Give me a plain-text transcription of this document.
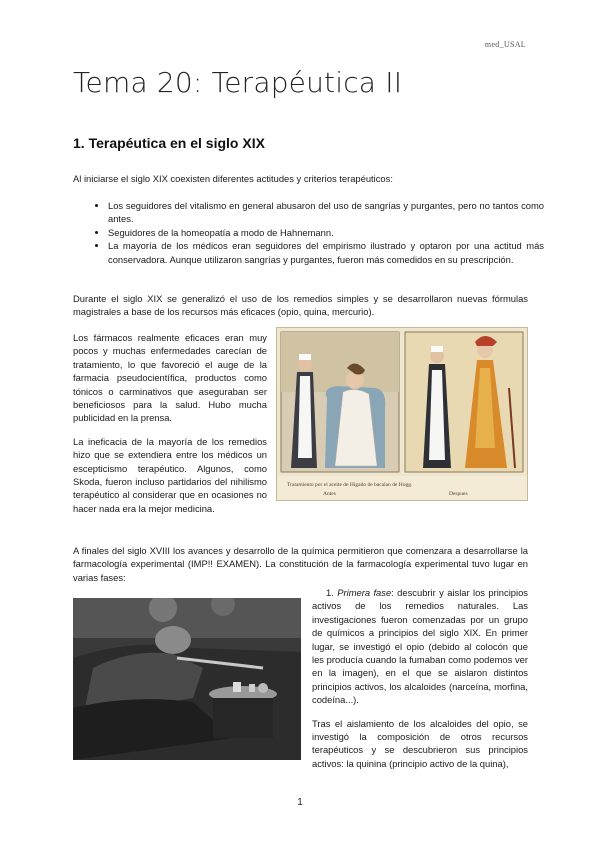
med_USAL
Tema 20: Terapéutica II
1. Terapéutica en el siglo XIX

Al iniciarse el siglo XIX coexisten diferentes actitudes y criterios terapéuticos:

• Los seguidores del vitalismo en general abusaron del uso de sangrías y purgantes, pero no tantos como antes.
• Seguidores de la homeopatía a modo de Hahnemann.
• La mayoría de los médicos eran seguidores del empirismo ilustrado y optaron por una actitud más conservadora. Aunque utilizaron sangrías y purgantes, fueron más comedidos en su prescripción.

Durante el siglo XIX se generalizó el uso de los remedios simples y se desarrollaron nuevas fórmulas magistrales a base de los recursos más eficaces (opio, quina, mercurio).

Los fármacos realmente eficaces eran muy pocos y muchas enfermedades carecían de tratamiento, lo que favoreció el auge de la farmacia pseudocientífica, productos como tónicos o carminativos que aseguraban ser beneficiosos para la salud. Hubo mucha publicidad en la prensa.

La ineficacia de la mayoría de los remedios hizo que se extendiera entre los médicos un escepticismo terapéutico. Algunos, como Skoda, fueron incluso partidarios del nihilismo terapéutico al considerar que en ocasiones no hacer nada era la mejor medicina.

Tratamiento por el aceite de Hígado de bacalao de Hogg.
Antes	Despues

A finales del siglo XVIII los avances y desarrollo de la química permitieron que comenzara a desarrollarse la farmacología experimental (IMP!! EXAMEN). La constitución de la farmacología experimental tuvo lugar en varias fases:

1. Primera fase: descubrir y aislar los principios activos de los remedios naturales. Las investigaciones fueron comenzadas por un grupo de químicos a principios del siglo XIX. En primer lugar, se investigó el opio (debido al colocón que les producía cuando la fumaban como podemos ver en la imagen), en el que se aislaron distintos principios activos, los alcaloides (narceína, morfina, codeína...).

Tras el aislamiento de los alcaloides del opio, se investigó la composición de otros recursos terapéuticos y se descubrieron sus principios activos: la quinina (principio activo de la quina),

1
